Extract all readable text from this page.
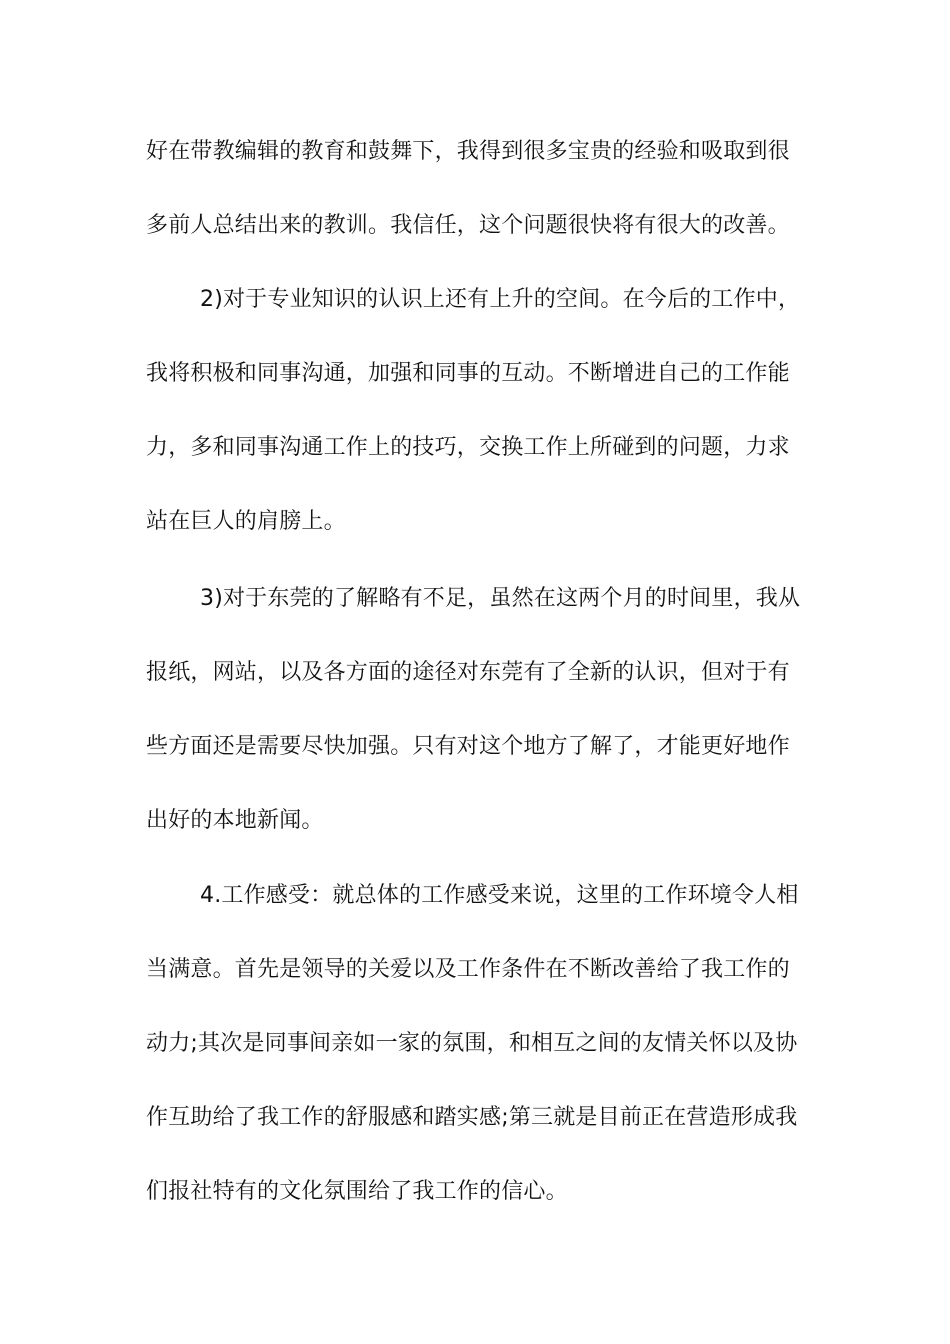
好在带教编辑的教育和鼓舞下，我得到很多宝贵的经验和吸取到很
多前人总结出来的教训。我信任，这个问题很快将有很大的改善。
2)对于专业知识的认识上还有上升的空间。在今后的工作中，
我将积极和同事沟通，加强和同事的互动。不断增进自己的工作能
力，多和同事沟通工作上的技巧，交换工作上所碰到的问题，力求
站在巨人的肩膀上。
3)对于东莞的了解略有不足，虽然在这两个月的时间里，我从
报纸，网站，以及各方面的途径对东莞有了全新的认识，但对于有
些方面还是需要尽快加强。只有对这个地方了解了，才能更好地作
出好的本地新闻。
4.工作感受：就总体的工作感受来说，这里的工作环境令人相
当满意。首先是领导的关爱以及工作条件在不断改善给了我工作的
动力;其次是同事间亲如一家的氛围，和相互之间的友情关怀以及协
作互助给了我工作的舒服感和踏实感;第三就是目前正在营造形成我
们报社特有的文化氛围给了我工作的信心。
